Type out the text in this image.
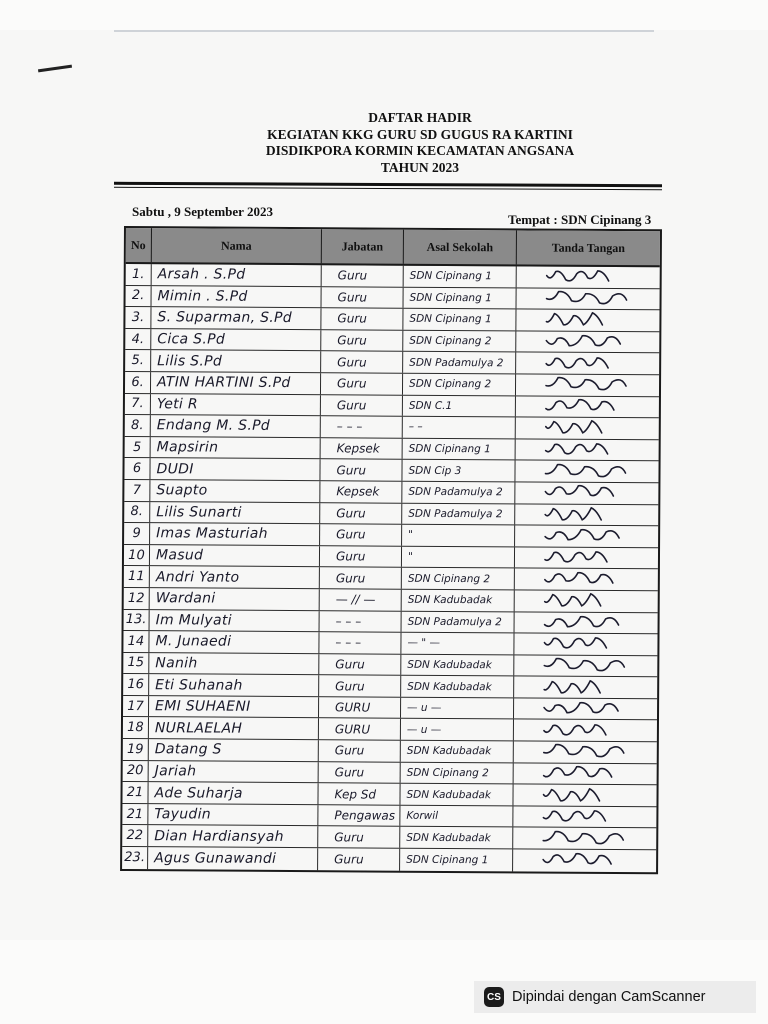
DAFTAR HADIR
KEGIATAN KKG GURU SD GUGUS RA KARTINI
DISDIKPORA KORMIN KECAMATAN ANGSANA
TAHUN 2023
Sabtu , 9 September 2023
Tempat : SDN Cipinang 3
No	Nama	Jabatan	Asal Sekolah	Tanda Tangan
1. Arsah . S.Pd	Guru	SDN Cipinang 1
2. Mimin . S.Pd	Guru	SDN Cipinang 1
3. S. Suparman, S.Pd	Guru	SDN Cipinang 1
4. Cica S.Pd	Guru	SDN Cipinang 2
5. Lilis S.Pd	Guru	SDN Padamulya 2
6. ATIN HARTINI S.Pd	Guru	SDN Cipinang 2
7. Yeti R	Guru	SDN C.1
8. Endang M. S.Pd	– – –	– –
5	Mapsirin	Kepsek	SDN Cipinang 1
6	DUDI	Guru	SDN Cip 3
7	Suapto	Kepsek	SDN Padamulya 2
8. Lilis Sunarti	Guru	SDN Padamulya 2
9	Imas Masturiah	Guru	"
10 Masud	Guru	"
11 Andri Yanto	Guru	SDN Cipinang 2
12 Wardani	— // —	SDN Kadubadak
13. Im Mulyati	– – –	SDN Padamulya 2
14 M. Junaedi	– – –	— " —
15 Nanih	Guru	SDN Kadubadak
16 Eti Suhanah	Guru	SDN Kadubadak
17 EMI SUHAENI	GURU	— u —
18 NURLAELAH	GURU	— u —
19 Datang S	Guru	SDN Kadubadak
20 Jariah	Guru	SDN Cipinang 2
21 Ade Suharja	Kep Sd	SDN Kadubadak
21 Tayudin	Pengawas	Korwil
22 Dian Hardiansyah	Guru	SDN Kadubadak
23. Agus Gunawandi	Guru	SDN Cipinang 1
CS Dipindai dengan CamScanner
